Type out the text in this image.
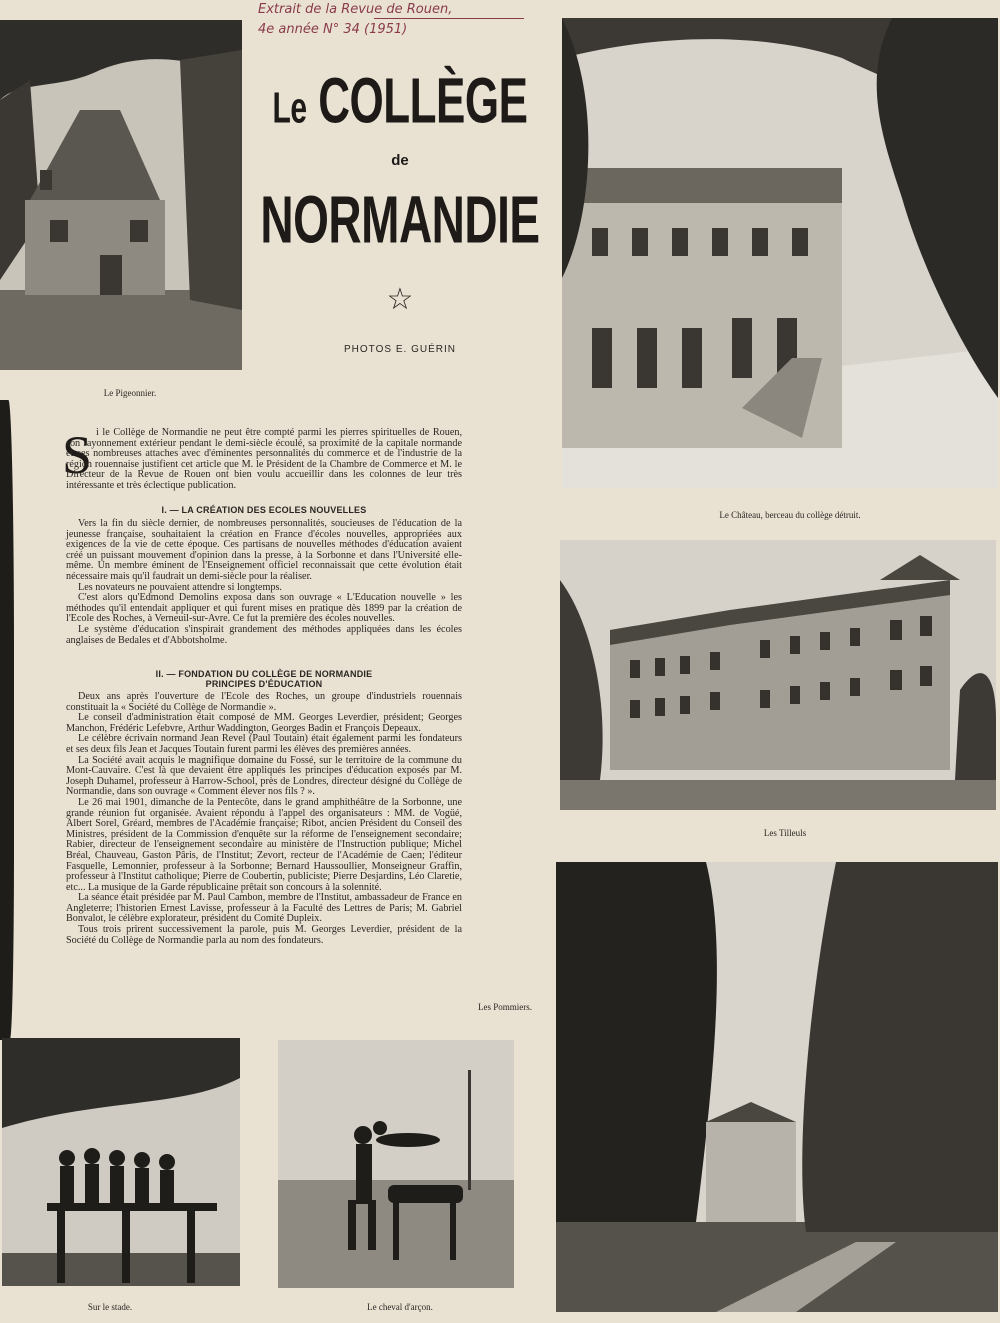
Extrait de la Revue de Rouen,
4e année N° 34 (1951)
Le Pigeonnier.
Le COLLÈGE
de
NORMANDIE
☆
PHOTOS E. GUÉRIN
Le Château, berceau du collège détruit.
S i le Collège de Normandie ne peut être compté parmi les pierres spirituelles de Rouen, son rayonnement extérieur pendant le demi-siècle écoulé, sa proximité de la capitale normande et ses nombreuses attaches avec d'éminentes personnalités du commerce et de l'industrie de la région rouennaise justifient cet article que M. le Président de la Chambre de Commerce et M. le Directeur de la Revue de Rouen ont bien voulu accueillir dans les colonnes de leur très intéressante et très éclectique publication.
I. — LA CRÉATION DES ECOLES NOUVELLES

Vers la fin du siècle dernier, de nombreuses personnalités, soucieuses de l'éducation de la jeunesse française, souhaitaient la création en France d'écoles nouvelles, appropriées aux exigences de la vie de cette époque. Ces partisans de nouvelles méthodes d'éducation avaient créé un puissant mouvement d'opinion dans la presse, à la Sorbonne et dans l'Université elle-même. Un membre éminent de l'Enseignement officiel reconnaissait que cette évolution était nécessaire mais qu'il faudrait un demi-siècle pour la réaliser.

Les novateurs ne pouvaient attendre si longtemps.

C'est alors qu'Edmond Demolins exposa dans son ouvrage « L'Education nouvelle » les méthodes qu'il entendait appliquer et qui furent mises en pratique dès 1899 par la création de l'Ecole des Roches, à Verneuil-sur-Avre. Ce fut la première des écoles nouvelles.

Le système d'éducation s'inspirait grandement des méthodes appliquées dans les écoles anglaises de Bedales et d'Abbotsholme.

II. — FONDATION DU COLLÈGE DE NORMANDIE
PRINCIPES D'ÉDUCATION

Deux ans après l'ouverture de l'Ecole des Roches, un groupe d'industriels rouennais constituait la « Société du Collège de Normandie ».

Le conseil d'administration était composé de MM. Georges Leverdier, président; Georges Manchon, Frédéric Lefebvre, Arthur Waddington, Georges Badin et François Depeaux.

Le célèbre écrivain normand Jean Revel (Paul Toutain) était également parmi les fondateurs et ses deux fils Jean et Jacques Toutain furent parmi les élèves des premières années.

La Société avait acquis le magnifique domaine du Fossé, sur le territoire de la commune du Mont-Cauvaire. C'est là que devaient être appliqués les principes d'éducation exposés par M. Joseph Duhamel, professeur à Harrow-School, près de Londres, directeur désigné du Collège de Normandie, dans son ouvrage « Comment élever nos fils ? ».

Le 26 mai 1901, dimanche de la Pentecôte, dans le grand amphithéâtre de la Sorbonne, une grande réunion fut organisée. Avaient répondu à l'appel des organisateurs : MM. de Vogüé, Albert Sorel, Gréard, membres de l'Académie française; Ribot, ancien Président du Conseil des Ministres, président de la Commission d'enquête sur la réforme de l'enseignement secondaire; Rabier, directeur de l'enseignement secondaire au ministère de l'Instruction publique; Michel Bréal, Chauveau, Gaston Pâris, de l'Institut; Zevort, recteur de l'Académie de Caen; l'éditeur Fasquelle, Lemonnier, professeur à la Sorbonne; Bernard Haussoullier, Monseigneur Graffin, professeur à l'Institut catholique; Pierre de Coubertin, publiciste; Pierre Desjardins, Léo Claretie, etc... La musique de la Garde républicaine prêtait son concours à la solennité.

La séance était présidée par M. Paul Cambon, membre de l'Institut, ambassadeur de France en Angleterre; l'historien Ernest Lavisse, professeur à la Faculté des Lettres de Paris; M. Gabriel Bonvalot, le célèbre explorateur, président du Comité Dupleix.

Tous trois prirent successivement la parole, puis M. Georges Leverdier, président de la Société du Collège de Normandie parla au nom des fondateurs.

Les Tilleuls
Les Pommiers.
Sur le stade.	Le cheval d'arçon.
